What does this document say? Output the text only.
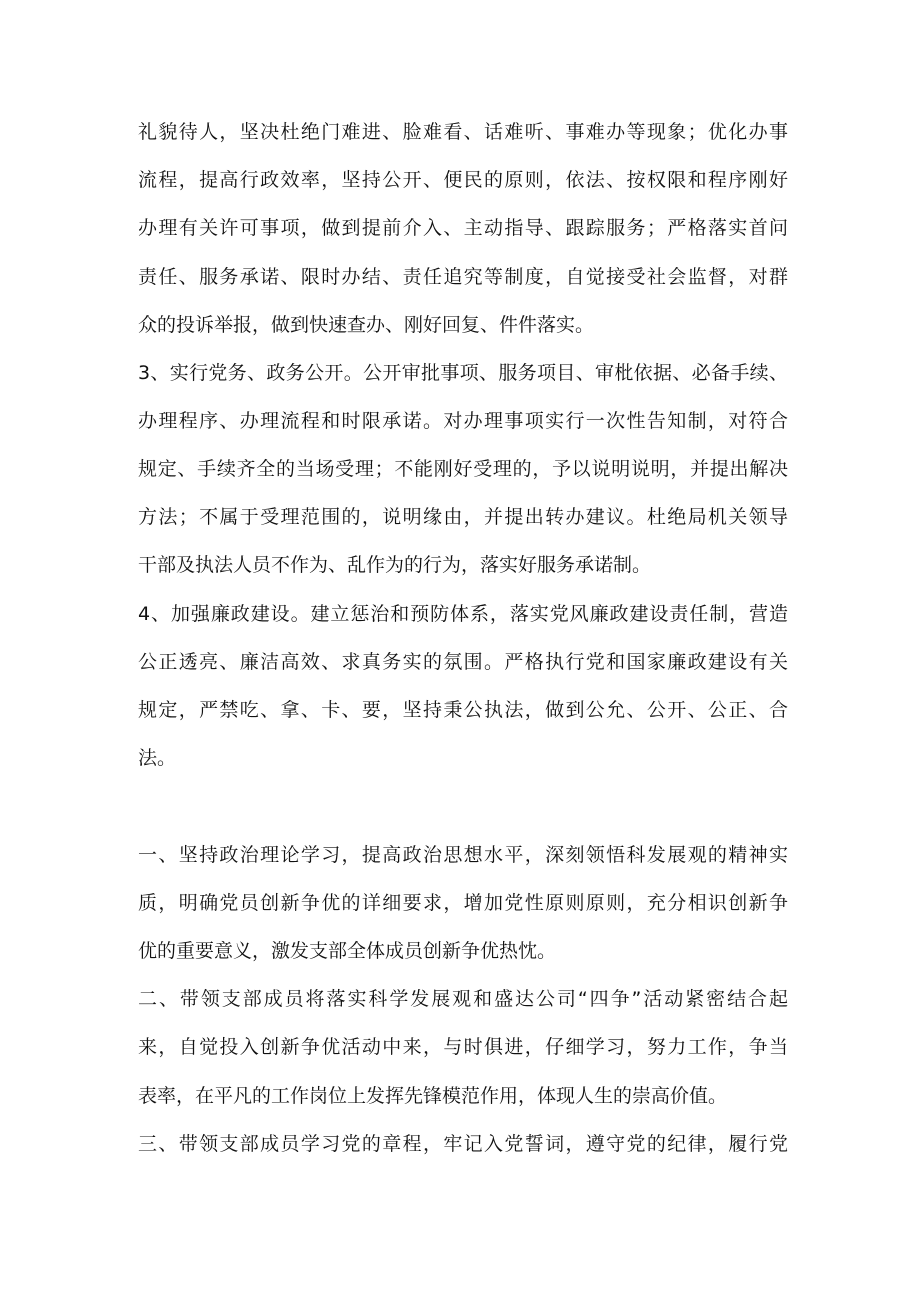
礼貌待人，坚决杜绝门难进、脸难看、话难听、事难办等现象；优化办事
流程，提高行政效率，坚持公开、便民的原则，依法、按权限和程序刚好
办理有关许可事项，做到提前介入、主动指导、跟踪服务；严格落实首问
责任、服务承诺、限时办结、责任追究等制度，自觉接受社会监督，对群
众的投诉举报，做到快速查办、刚好回复、件件落实。
3、实行党务、政务公开。公开审批事项、服务项目、审枇依据、必备手续、
办理程序、办理流程和时限承诺。对办理事项实行一次性告知制，对符合
规定、手续齐全的当场受理；不能刚好受理的，予以说明说明，并提出解决
方法；不属于受理范围的，说明缘由，并提出转办建议。杜绝局机关领导
干部及执法人员不作为、乱作为的行为，落实好服务承诺制。
4、加强廉政建设。建立惩治和预防体系，落实党风廉政建设责任制，营造
公正透亮、廉洁高效、求真务实的氛围。严格执行党和国家廉政建设有关
规定，严禁吃、拿、卡、要，坚持秉公执法，做到公允、公开、公正、合
法。
一、坚持政治理论学习，提高政治思想水平，深刻领悟科发展观的精神实
质，明确党员创新争优的详细要求，增加党性原则原则，充分相识创新争
优的重要意义，激发支部全体成员创新争优热忱。
二、带领支部成员将落实科学发展观和盛达公司“四争”活动紧密结合起
来，自觉投入创新争优活动中来，与时俱进，仔细学习，努力工作，争当
表率，在平凡的工作岗位上发挥先锋模范作用，体现人生的崇高价值。
三、带领支部成员学习党的章程，牢记入党誓词，遵守党的纪律，履行党
